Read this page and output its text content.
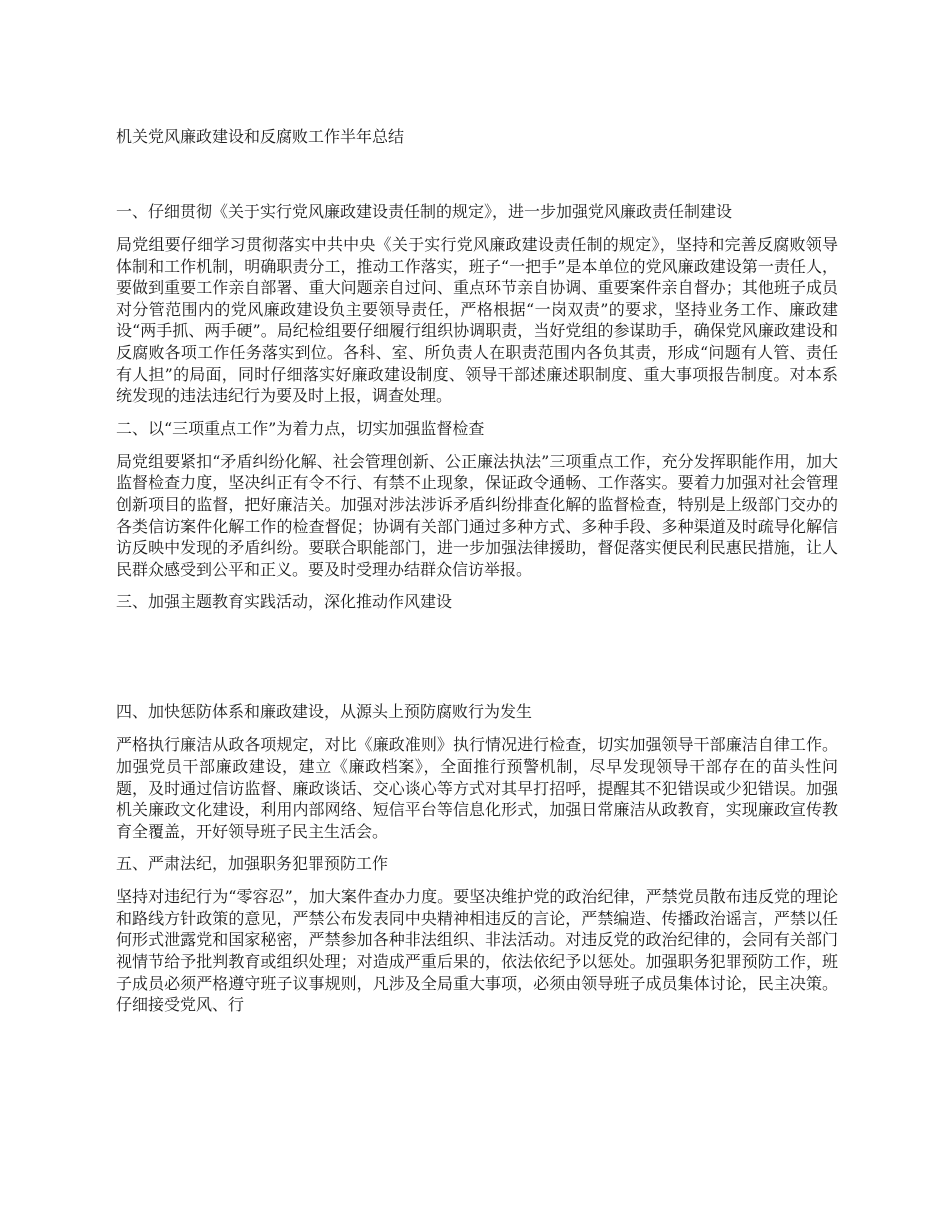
机关党风廉政建设和反腐败工作半年总结
一、仔细贯彻《关于实行党风廉政建设责任制的规定》，进一步加强党风廉政责任制建设

局党组要仔细学习贯彻落实中共中央《关于实行党风廉政建设责任制的规定》，坚持和完善反腐败领导体制和工作机制，明确职责分工，推动工作落实，班子“一把手”是本单位的党风廉政建设第一责任人，要做到重要工作亲自部署、重大问题亲自过问、重点环节亲自协调、重要案件亲自督办；其他班子成员对分管范围内的党风廉政建设负主要领导责任，严格根据“一岗双责”的要求，坚持业务工作、廉政建设“两手抓、两手硬”。局纪检组要仔细履行组织协调职责，当好党组的参谋助手，确保党风廉政建设和反腐败各项工作任务落实到位。各科、室、所负责人在职责范围内各负其责，形成“问题有人管、责任有人担”的局面，同时仔细落实好廉政建设制度、领导干部述廉述职制度、重大事项报告制度。对本系统发现的违法违纪行为要及时上报，调查处理。

二、以“三项重点工作”为着力点，切实加强监督检查

局党组要紧扣“矛盾纠纷化解、社会管理创新、公正廉法执法”三项重点工作，充分发挥职能作用，加大监督检查力度，坚决纠正有令不行、有禁不止现象，保证政令通畅、工作落实。要着力加强对社会管理创新项目的监督，把好廉洁关。加强对涉法涉诉矛盾纠纷排查化解的监督检查，特别是上级部门交办的各类信访案件化解工作的检查督促；协调有关部门通过多种方式、多种手段、多种渠道及时疏导化解信访反映中发现的矛盾纠纷。要联合职能部门，进一步加强法律援助，督促落实便民利民惠民措施，让人民群众感受到公平和正义。要及时受理办结群众信访举报。

三、加强主题教育实践活动，深化推动作风建设
四、加快惩防体系和廉政建设，从源头上预防腐败行为发生

严格执行廉洁从政各项规定，对比《廉政准则》执行情况进行检查，切实加强领导干部廉洁自律工作。加强党员干部廉政建设，建立《廉政档案》，全面推行预警机制，尽早发现领导干部存在的苗头性问题，及时通过信访监督、廉政谈话、交心谈心等方式对其早打招呼，提醒其不犯错误或少犯错误。加强机关廉政文化建设，利用内部网络、短信平台等信息化形式，加强日常廉洁从政教育，实现廉政宣传教育全覆盖，开好领导班子民主生活会。

五、严肃法纪，加强职务犯罪预防工作

坚持对违纪行为“零容忍”，加大案件查办力度。要坚决维护党的政治纪律，严禁党员散布违反党的理论和路线方针政策的意见，严禁公布发表同中央精神相违反的言论，严禁编造、传播政治谣言，严禁以任何形式泄露党和国家秘密，严禁参加各种非法组织、非法活动。对违反党的政治纪律的，会同有关部门视情节给予批判教育或组织处理；对造成严重后果的，依法依纪予以惩处。加强职务犯罪预防工作，班子成员必须严格遵守班子议事规则，凡涉及全局重大事项，必须由领导班子成员集体讨论，民主决策。仔细接受党风、行
